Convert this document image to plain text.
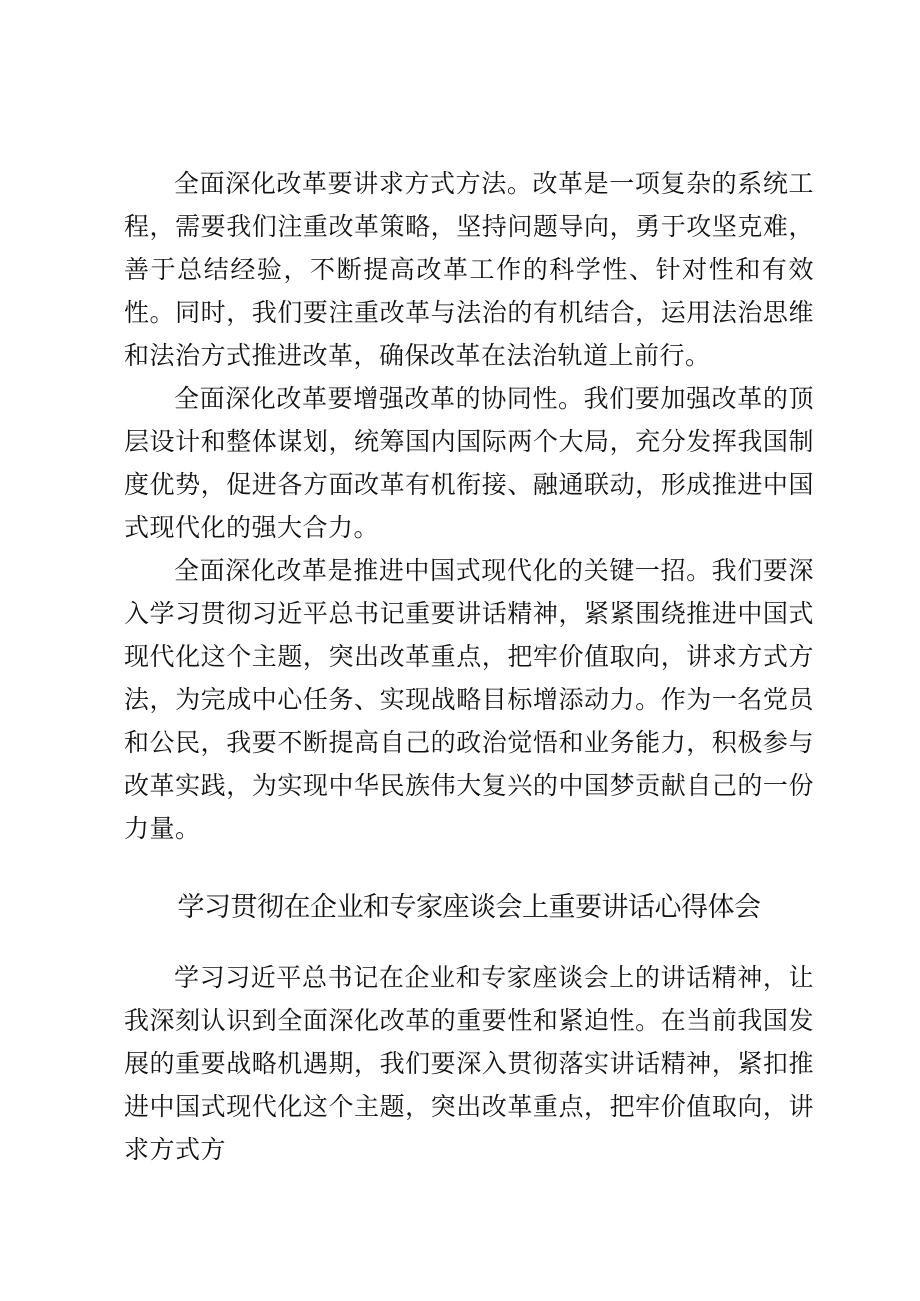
全面深化改革要讲求方式方法。改革是一项复杂的系统工程，需要我们注重改革策略，坚持问题导向，勇于攻坚克难，善于总结经验，不断提高改革工作的科学性、针对性和有效性。同时，我们要注重改革与法治的有机结合，运用法治思维和法治方式推进改革，确保改革在法治轨道上前行。

全面深化改革要增强改革的协同性。我们要加强改革的顶层设计和整体谋划，统筹国内国际两个大局，充分发挥我国制度优势，促进各方面改革有机衔接、融通联动，形成推进中国式现代化的强大合力。

全面深化改革是推进中国式现代化的关键一招。我们要深入学习贯彻习近平总书记重要讲话精神，紧紧围绕推进中国式现代化这个主题，突出改革重点，把牢价值取向，讲求方式方法，为完成中心任务、实现战略目标增添动力。作为一名党员和公民，我要不断提高自己的政治觉悟和业务能力，积极参与改革实践，为实现中华民族伟大复兴的中国梦贡献自己的一份力量。

学习贯彻在企业和专家座谈会上重要讲话心得体会

学习习近平总书记在企业和专家座谈会上的讲话精神，让我深刻认识到全面深化改革的重要性和紧迫性。在当前我国发展的重要战略机遇期，我们要深入贯彻落实讲话精神，紧扣推进中国式现代化这个主题，突出改革重点，把牢价值取向，讲求方式方
